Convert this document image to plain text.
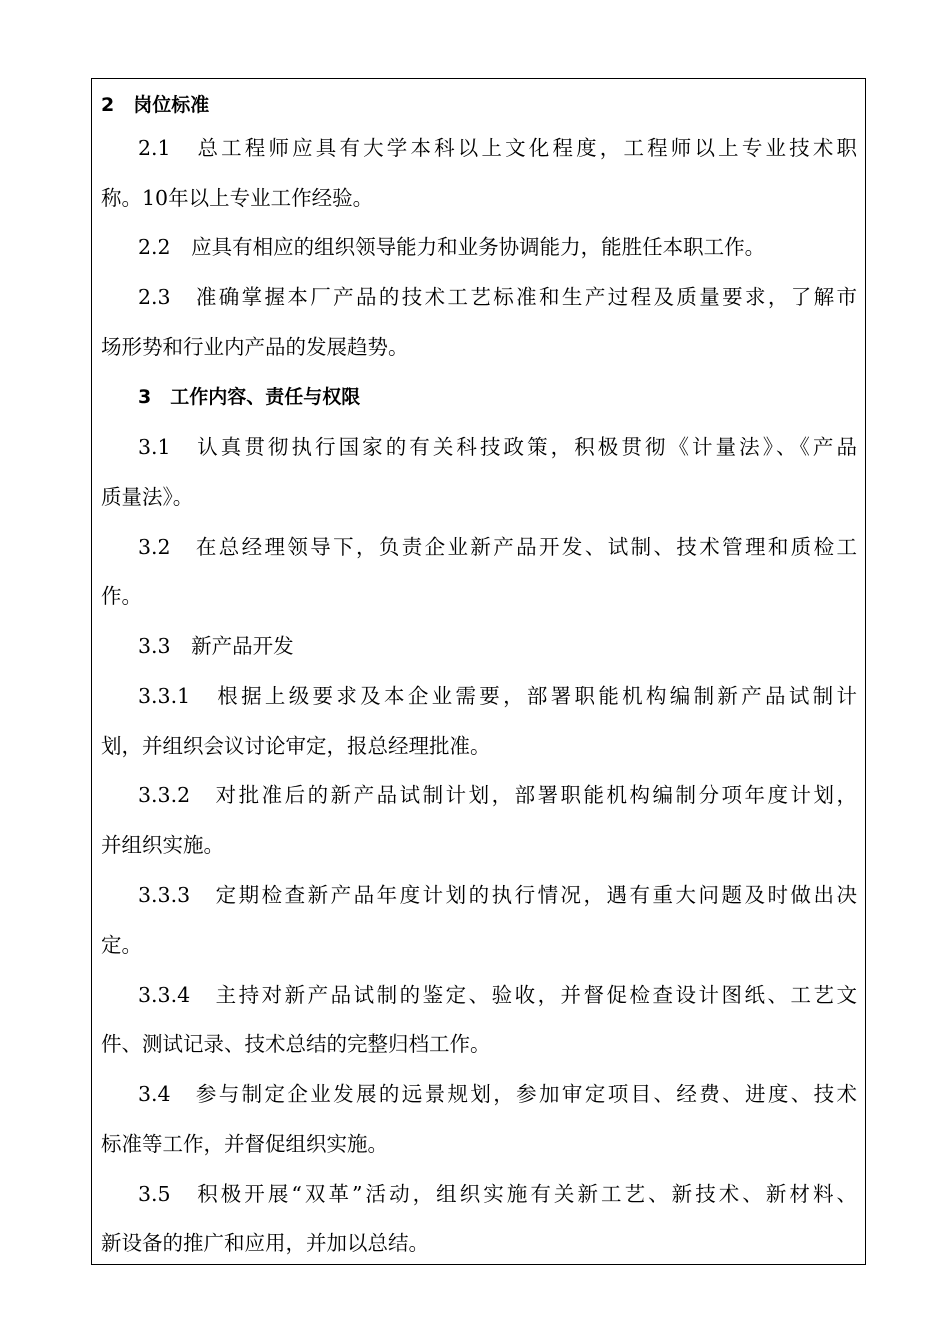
2　岗位标准
2.1　总工程师应具有大学本科以上文化程度，工程师以上专业技术职
称。10年以上专业工作经验。
2.2　应具有相应的组织领导能力和业务协调能力，能胜任本职工作。
2.3　准确掌握本厂产品的技术工艺标准和生产过程及质量要求，了解市
场形势和行业内产品的发展趋势。
3　工作内容、责任与权限
3.1　认真贯彻执行国家的有关科技政策，积极贯彻《计量法》、《产品
质量法》。
3.2　在总经理领导下，负责企业新产品开发、试制、技术管理和质检工
作。
3.3　新产品开发
3.3.1　根据上级要求及本企业需要，部署职能机构编制新产品试制计
划，并组织会议讨论审定，报总经理批准。
3.3.2　对批准后的新产品试制计划，部署职能机构编制分项年度计划，
并组织实施。
3.3.3　定期检查新产品年度计划的执行情况，遇有重大问题及时做出决
定。
3.3.4　主持对新产品试制的鉴定、验收，并督促检查设计图纸、工艺文
件、测试记录、技术总结的完整归档工作。
3.4　参与制定企业发展的远景规划，参加审定项目、经费、进度、技术
标准等工作，并督促组织实施。
3.5　积极开展“双革”活动，组织实施有关新工艺、新技术、新材料、
新设备的推广和应用，并加以总结。
